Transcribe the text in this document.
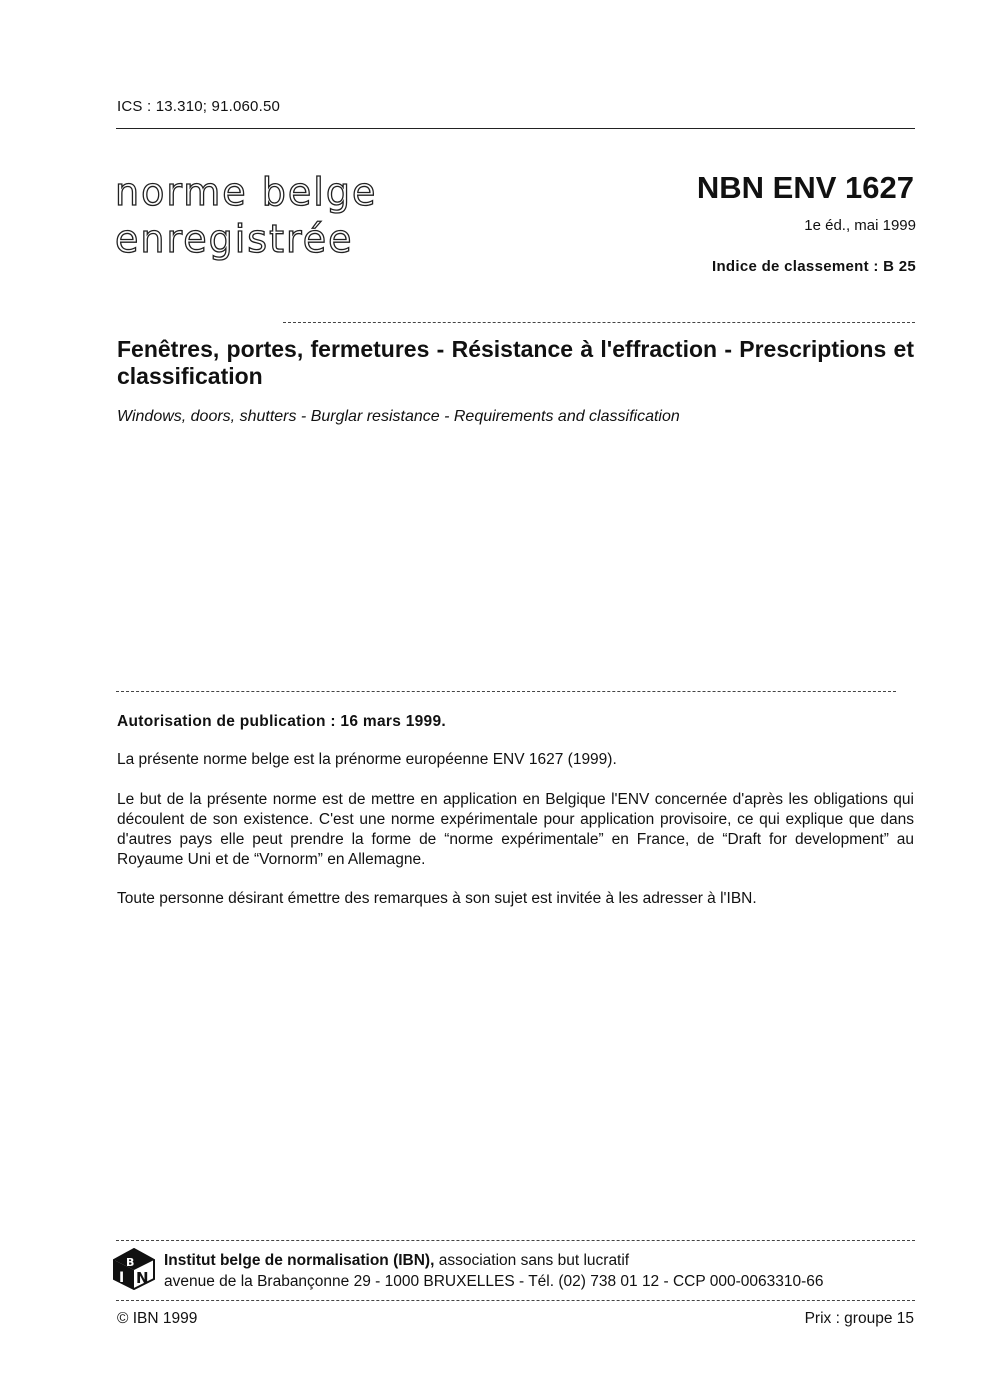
ICS : 13.310; 91.060.50
norme belge
enregistrée
NBN ENV 1627
1e éd., mai 1999
Indice de classement : B 25
Fenêtres, portes, fermetures - Résistance à l'effraction - Prescriptions et classification
Windows, doors, shutters - Burglar resistance - Requirements and classification
Autorisation de publication : 16 mars 1999.
La présente norme belge est la prénorme européenne ENV 1627 (1999).
Le but de la présente norme est de mettre en application en Belgique l'ENV concernée d'après les obligations qui découlent de son existence. C'est une norme expérimentale pour application provisoire, ce qui explique que dans d'autres pays elle peut prendre la forme de “norme expérimentale” en France, de “Draft for development” au Royaume Uni et de “Vornorm” en Allemagne.
Toute personne désirant émettre des remarques à son sujet est invitée à les adresser à l'IBN.
I N
B Institut belge de normalisation (IBN), association sans but lucratif
avenue de la Brabançonne 29 - 1000 BRUXELLES - Tél. (02) 738 01 12 - CCP 000-0063310-66
© IBN 1999	Prix : groupe 15
